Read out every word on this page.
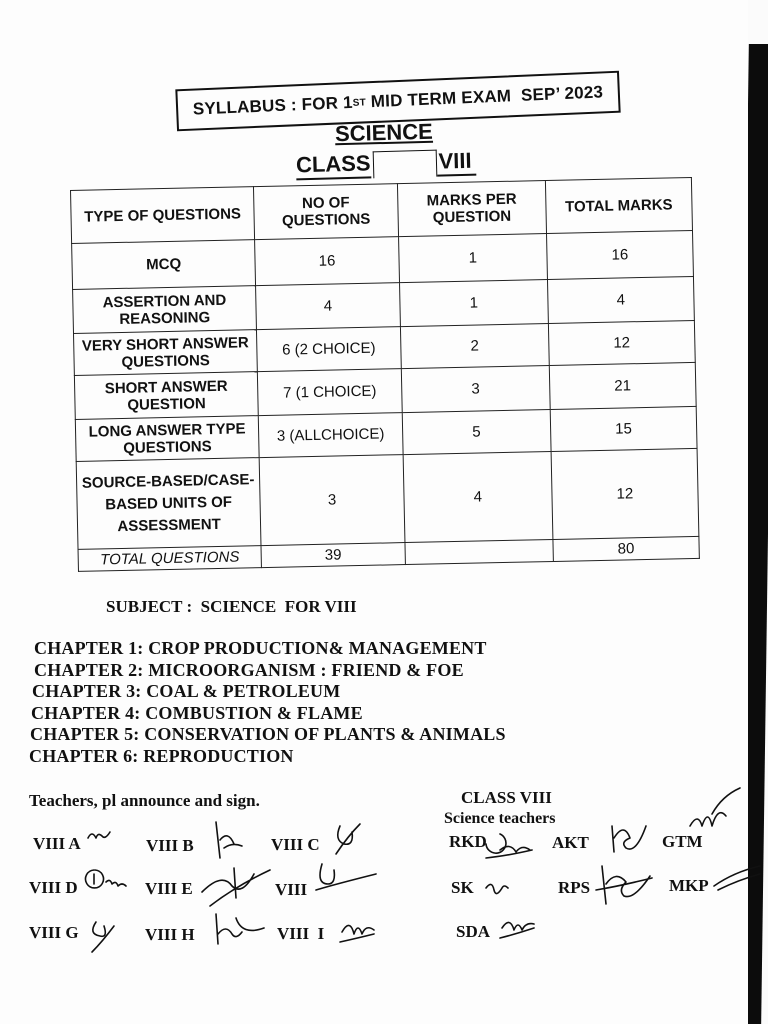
SYLLABUS : FOR 1ST MID TERM EXAM  SEP’ 2023
SCIENCE
CLASS	VIII
TYPE OF QUESTIONS	NO OF QUESTIONS	MARKS PER QUESTION	TOTAL MARKS
MCQ	16	1	16
ASSERTION AND REASONING	4	1	4
VERY SHORT ANSWER QUESTIONS	6 (2 CHOICE)	2	12
SHORT ANSWER QUESTION	7 (1 CHOICE)	3	21
LONG ANSWER TYPE QUESTIONS	3 (ALLCHOICE)	5	15
SOURCE-BASED/CASE-BASED UNITS OF ASSESSMENT	3	4	12
TOTAL QUESTIONS	39		80
SUBJECT :  SCIENCE  FOR VIII
CHAPTER 1: CROP PRODUCTION& MANAGEMENT
CHAPTER 2: MICROORGANISM : FRIEND & FOE
CHAPTER 3: COAL & PETROLEUM
CHAPTER 4: COMBUSTION & FLAME
CHAPTER 5: CONSERVATION OF PLANTS & ANIMALS
CHAPTER 6: REPRODUCTION
Teachers, pl announce and sign.	CLASS VIII
Science teachers
VIII A	VIII B	VIII C
VIII D	VIII E	VIII
VIII G	VIII H	VIII  I
RKD	AKT	GTM
SK	RPS	MKP
SDA
